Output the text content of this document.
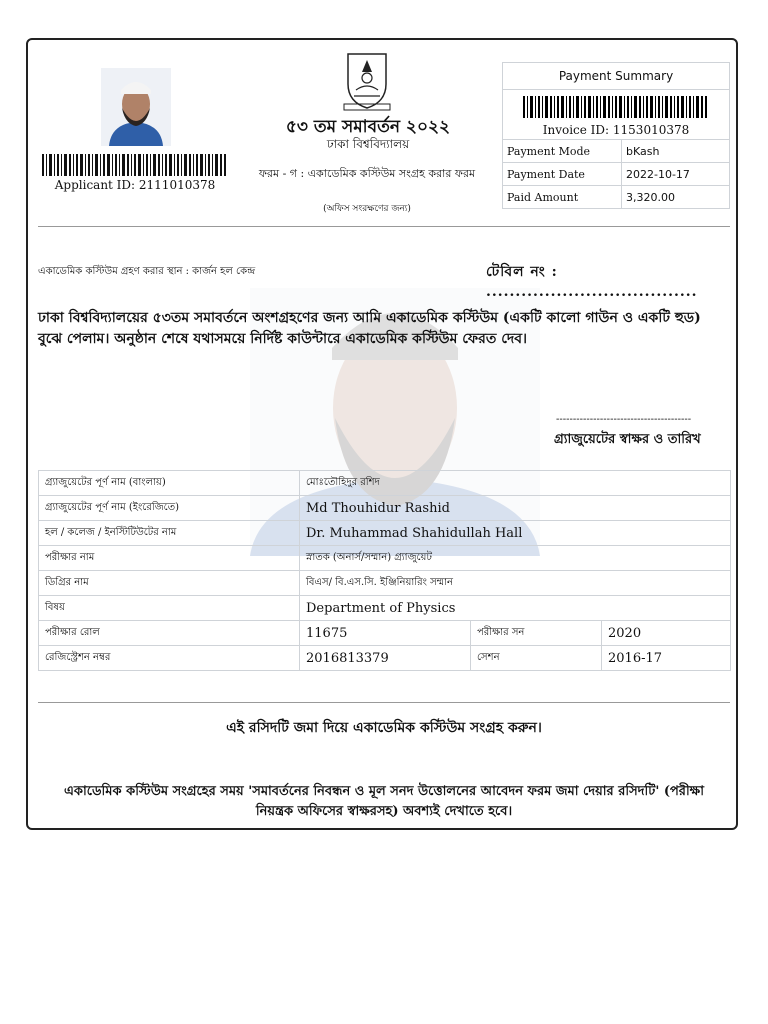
Applicant ID: 2111010378
৫৩ তম সমাবর্তন ২০২২
ঢাকা বিশ্ববিদ্যালয়
ফরম - গ : একাডেমিক কস্টিউম সংগ্রহ করার ফরম
(অফিস সংরক্ষণের জন্য)
Payment Summary	

Invoice ID: 1153010378	

Payment Mode	bKash
Payment Date	2022-10-17
Paid Amount	3,320.00
একাডেমিক কস্টিউম গ্রহণ করার স্থান : কার্জন হল কেন্দ্র	টেবিল নং : ....................................
ঢাকা বিশ্ববিদ্যালয়ের ৫৩তম সমাবর্তনে অংশগ্রহণের জন্য আমি একাডেমিক কস্টিউম (একটি কালো গাউন ও একটি হুড) বুঝে পেলাম। অনুষ্ঠান শেষে যথাসময়ে নির্দিষ্ট কাউন্টারে একাডেমিক কস্টিউম ফেরত দেব।
----------------------------------------
গ্র্যাজুয়েটের স্বাক্ষর ও তারিখ
গ্র্যাজুয়েটের পূর্ণ নাম (বাংলায়)	মোঃতৌহিদুর রশিদ		
গ্র্যাজুয়েটের পূর্ণ নাম (ইংরেজিতে)	Md Thouhidur Rashid		
হল / কলেজ / ইনস্টিটিউটের নাম	Dr. Muhammad Shahidullah Hall		
পরীক্ষার নাম	স্নাতক (অনার্স/সম্মান) গ্র্যাজুয়েট		
ডিগ্রির নাম	বিএস/ বি.এস.সি. ইঞ্জিনিয়ারিং সম্মান		
বিষয়	Department of Physics		
পরীক্ষার রোল	11675	পরীক্ষার সন	2020
রেজিস্ট্রেশন নম্বর	2016813379	সেশন	2016-17
এই রসিদটি জমা দিয়ে একাডেমিক কস্টিউম সংগ্রহ করুন।
একাডেমিক কস্টিউম সংগ্রহের সময় 'সমাবর্তনের নিবন্ধন ও মূল সনদ উত্তোলনের আবেদন ফরম জমা দেয়ার রসিদটি' (পরীক্ষা নিয়ন্ত্রক অফিসের স্বাক্ষরসহ) অবশ্যই দেখাতে হবে।
